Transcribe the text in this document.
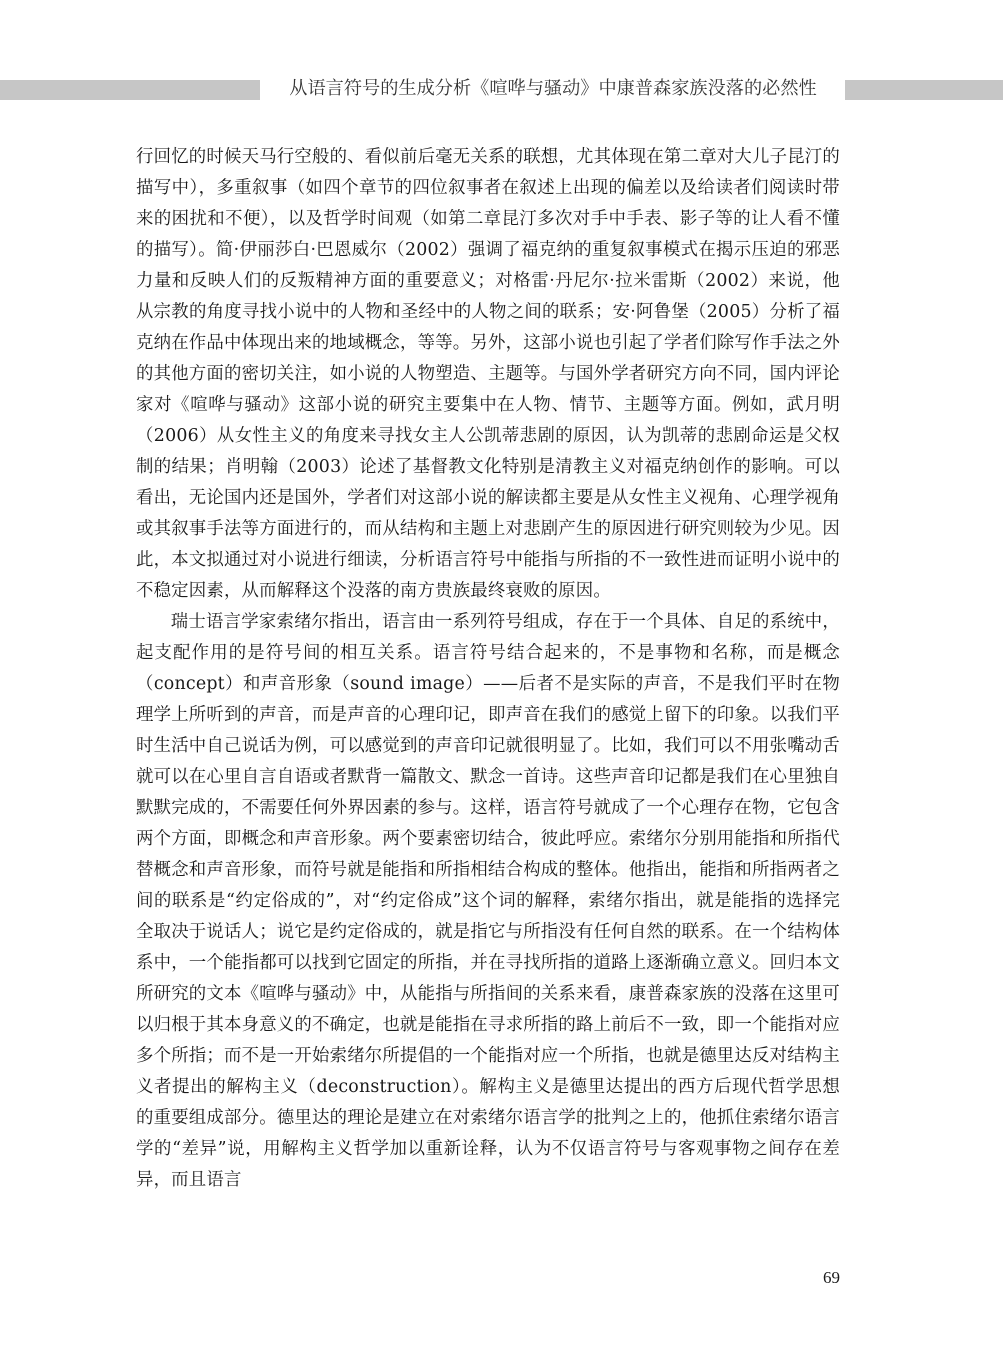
从语言符号的生成分析《喧哗与骚动》中康普森家族没落的必然性

行回忆的时候天马行空般的、看似前后毫无关系的联想，尤其体现在第二章对大儿子昆汀的描写中），多重叙事（如四个章节的四位叙事者在叙述上出现的偏差以及给读者们阅读时带来的困扰和不便），以及哲学时间观（如第二章昆汀多次对手中手表、影子等的让人看不懂的描写）。简·伊丽莎白·巴恩威尔（2002）强调了福克纳的重复叙事模式在揭示压迫的邪恶力量和反映人们的反叛精神方面的重要意义；对格雷·丹尼尔·拉米雷斯（2002）来说，他从宗教的角度寻找小说中的人物和圣经中的人物之间的联系；安·阿鲁堡（2005）分析了福克纳在作品中体现出来的地域概念，等等。另外，这部小说也引起了学者们除写作手法之外的其他方面的密切关注，如小说的人物塑造、主题等。与国外学者研究方向不同，国内评论家对《喧哗与骚动》这部小说的研究主要集中在人物、情节、主题等方面。例如，武月明（2006）从女性主义的角度来寻找女主人公凯蒂悲剧的原因，认为凯蒂的悲剧命运是父权制的结果；肖明翰（2003）论述了基督教文化特别是清教主义对福克纳创作的影响。可以看出，无论国内还是国外，学者们对这部小说的解读都主要是从女性主义视角、心理学视角或其叙事手法等方面进行的，而从结构和主题上对悲剧产生的原因进行研究则较为少见。因此，本文拟通过对小说进行细读，分析语言符号中能指与所指的不一致性进而证明小说中的不稳定因素，从而解释这个没落的南方贵族最终衰败的原因。

瑞士语言学家索绪尔指出，语言由一系列符号组成，存在于一个具体、自足的系统中，起支配作用的是符号间的相互关系。语言符号结合起来的，不是事物和名称，而是概念（concept）和声音形象（sound image）——后者不是实际的声音，不是我们平时在物理学上所听到的声音，而是声音的心理印记，即声音在我们的感觉上留下的印象。以我们平时生活中自己说话为例，可以感觉到的声音印记就很明显了。比如，我们可以不用张嘴动舌就可以在心里自言自语或者默背一篇散文、默念一首诗。这些声音印记都是我们在心里独自默默完成的，不需要任何外界因素的参与。这样，语言符号就成了一个心理存在物，它包含两个方面，即概念和声音形象。两个要素密切结合，彼此呼应。索绪尔分别用能指和所指代替概念和声音形象，而符号就是能指和所指相结合构成的整体。他指出，能指和所指两者之间的联系是“约定俗成的”，对“约定俗成”这个词的解释，索绪尔指出，就是能指的选择完全取决于说话人；说它是约定俗成的，就是指它与所指没有任何自然的联系。在一个结构体系中，一个能指都可以找到它固定的所指，并在寻找所指的道路上逐渐确立意义。回归本文所研究的文本《喧哗与骚动》中，从能指与所指间的关系来看，康普森家族的没落在这里可以归根于其本身意义的不确定，也就是能指在寻求所指的路上前后不一致，即一个能指对应多个所指；而不是一开始索绪尔所提倡的一个能指对应一个所指，也就是德里达反对结构主义者提出的解构主义（deconstruction）。解构主义是德里达提出的西方后现代哲学思想的重要组成部分。德里达的理论是建立在对索绪尔语言学的批判之上的，他抓住索绪尔语言学的“差异”说，用解构主义哲学加以重新诠释，认为不仅语言符号与客观事物之间存在差异，而且语言

69
